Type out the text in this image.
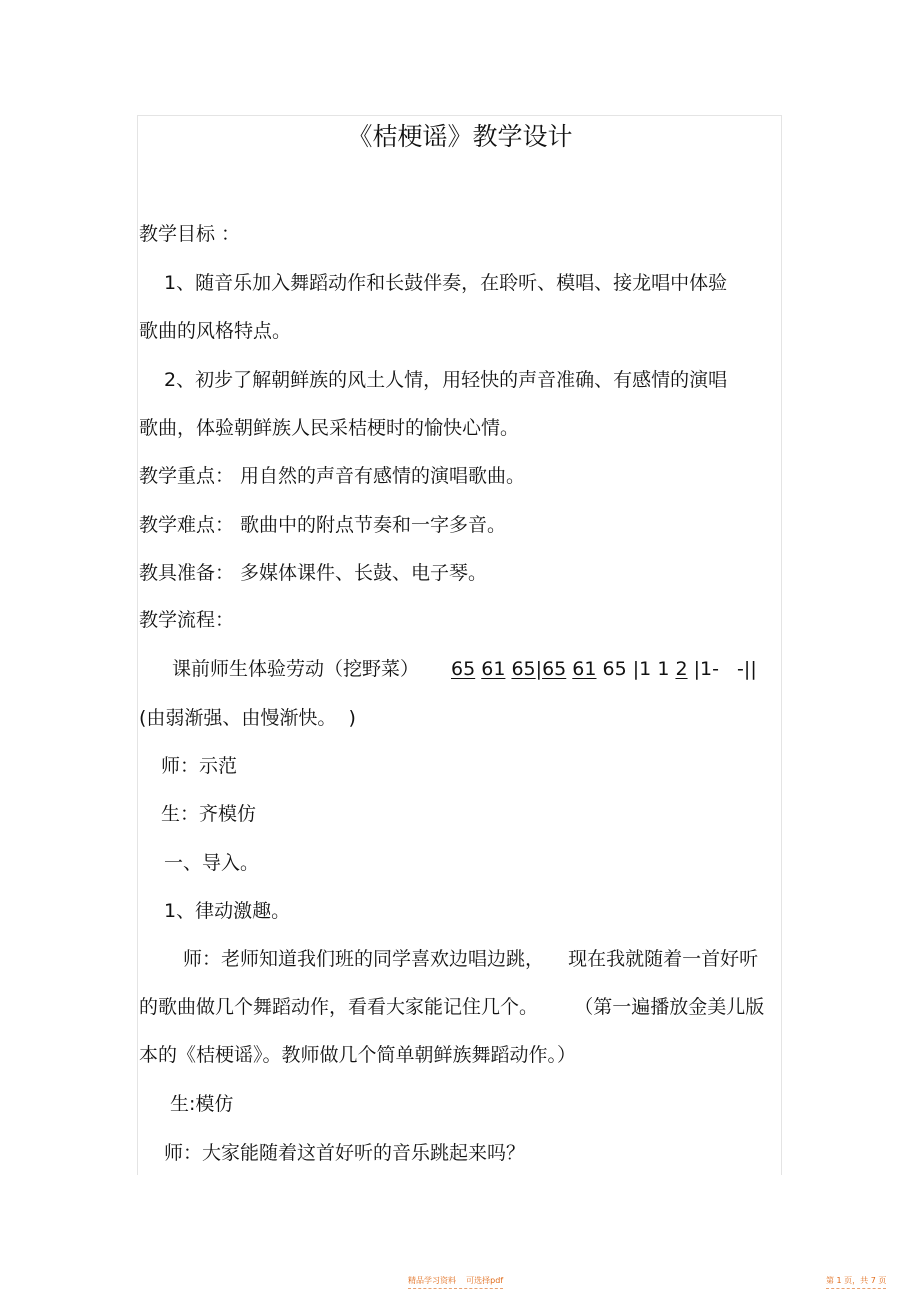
《桔梗谣》教学设计
教学目标 ：
1、随音乐加入舞蹈动作和长鼓伴奏，在聆听、模唱、接龙唱中体验
歌曲的风格特点。
2、初步了解朝鲜族的风土人情，用轻快的声音准确、有感情的演唱
歌曲，体验朝鲜族人民采桔梗时的愉快心情。
教学重点： 用自然的声音有感情的演唱歌曲。
教学难点： 歌曲中的附点节奏和一字多音。
教具准备： 多媒体课件、长鼓、电子琴。
教学流程：
课前师生体验劳动（挖野菜） 65 61 65|65 61 65 |1 1 2 |1-   -||
(由弱渐强、由慢渐快。  )
师：示范
生：齐模仿
一、导入。
1、律动激趣。
师：老师知道我们班的同学喜欢边唱边跳，    现在我就随着一首好听
的歌曲做几个舞蹈动作，看看大家能记住几个。      （第一遍播放金美儿版
本的《桔梗谣》。教师做几个简单朝鲜族舞蹈动作。）
生:模仿
师：大家能随着这首好听的音乐跳起来吗？
精品学习资料    可选择pdf	第 1 页，共 7 页
